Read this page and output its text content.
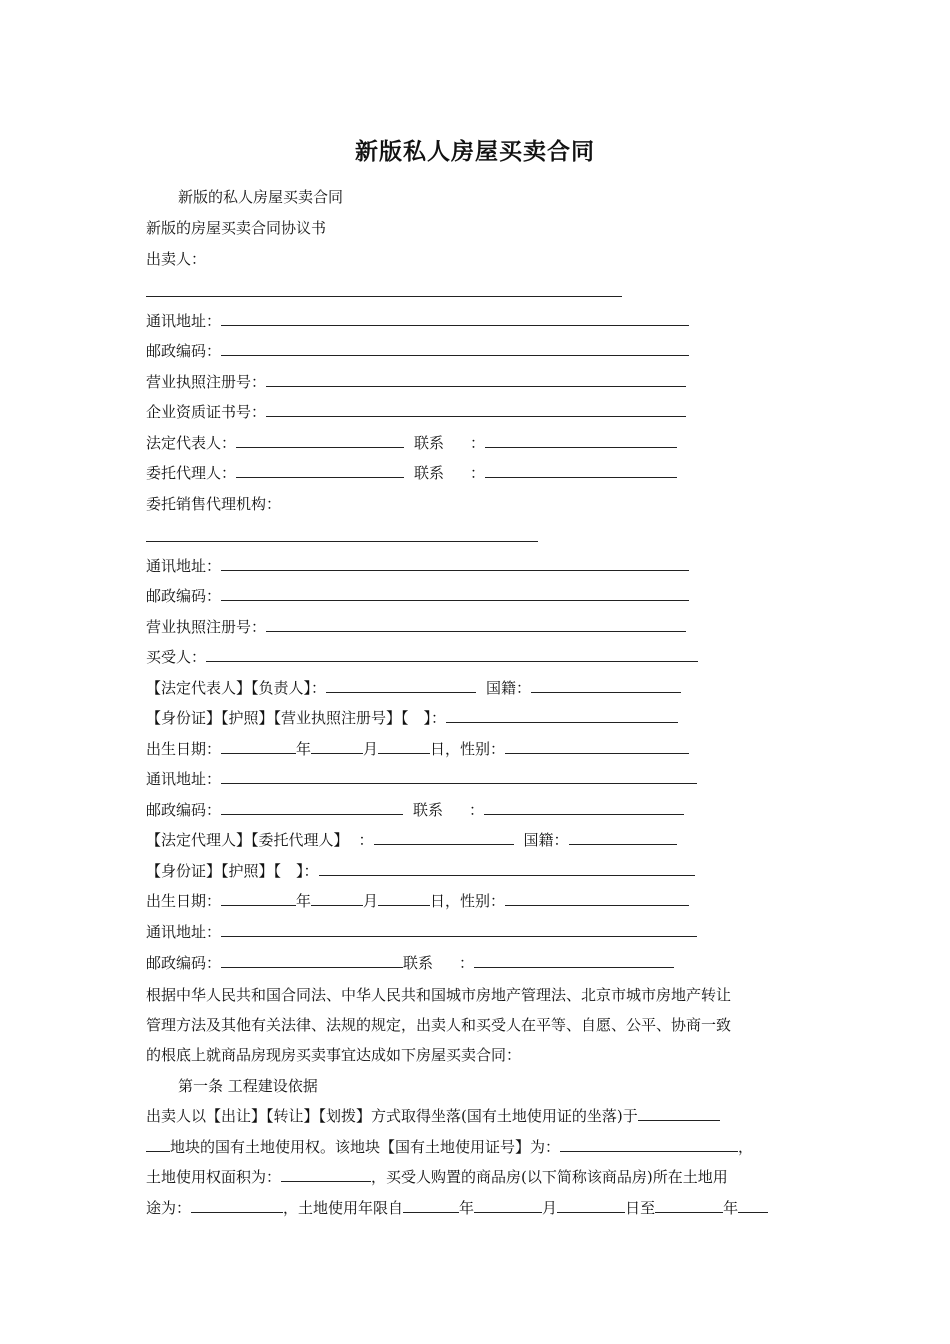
新版私人房屋买卖合同
新版的私人房屋买卖合同
新版的房屋买卖合同协议书
出卖人：
通讯地址：
邮政编码：
营业执照注册号：
企业资质证书号：
法定代表人：	联系 ：
委托代理人：	联系 ：
委托销售代理机构：
通讯地址：
邮政编码：
营业执照注册号：
买受人：
【法定代表人】【负责人】：	国籍：
【身份证】【护照】【营业执照注册号】【　】：
出生日期：	年	月	日，性别：
通讯地址：
邮政编码：	联系 ：
【法定代理人】【委托代理人】 ：	国籍：
【身份证】【护照】【　】：
出生日期：	年	月	日，性别：
通讯地址：
邮政编码：	联系 ：
根据中华人民共和国合同法、中华人民共和国城市房地产管理法、北京市城市房地产转让
管理方法及其他有关法律、法规的规定，出卖人和买受人在平等、自愿、公平、协商一致
的根底上就商品房现房买卖事宜达成如下房屋买卖合同：
第一条 工程建设依据
出卖人以【出让】【转让】【划拨】方式取得坐落(国有土地使用证的坐落)于
地块的国有土地使用权。该地块【国有土地使用证号】为：	，
土地使用权面积为：	，买受人购置的商品房(以下简称该商品房)所在土地用
途为：	，土地使用年限自	年	月	日至	年
